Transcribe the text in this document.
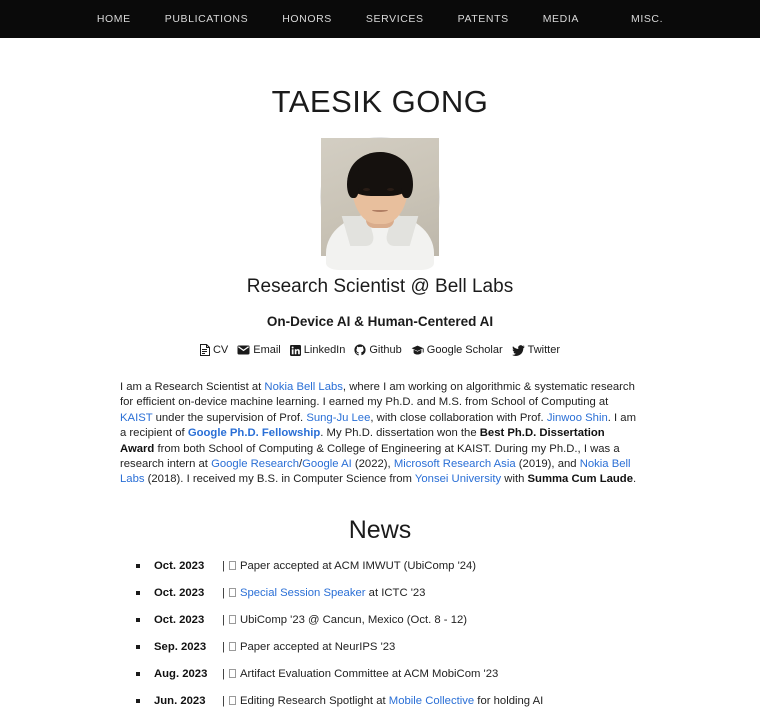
HOME	PUBLICATIONS	HONORS	SERVICES	PATENTS	MEDIA	MISC.
TAESIK GONG
Research Scientist @ Bell Labs
On-Device AI & Human-Centered AI
CV Email LinkedIn Github Google Scholar Twitter

I am a Research Scientist at Nokia Bell Labs, where I am working on algorithmic & systematic research for efficient on-device machine learning. I earned my Ph.D. and M.S. from School of Computing at KAIST under the supervision of Prof. Sung-Ju Lee, with close collaboration with Prof. Jinwoo Shin. I am a recipient of Google Ph.D. Fellowship. My Ph.D. dissertation won the Best Ph.D. Dissertation Award from both School of Computing & College of Engineering at KAIST. During my Ph.D., I was a research intern at Google Research/Google AI (2022), Microsoft Research Asia (2019), and Nokia Bell Labs (2018). I received my B.S. in Computer Science from Yonsei University with Summa Cum Laude.

News
Oct. 2023 | Paper accepted at ACM IMWUT (UbiComp '24)
Oct. 2023 | Special Session Speaker at ICTC '23
Oct. 2023 | UbiComp '23 @ Cancun, Mexico (Oct. 8 - 12)
Sep. 2023 | Paper accepted at NeurIPS '23
Aug. 2023 | Artifact Evaluation Committee at ACM MobiCom '23
Jun. 2023 | Editing Research Spotlight at Mobile Collective for holding AI
